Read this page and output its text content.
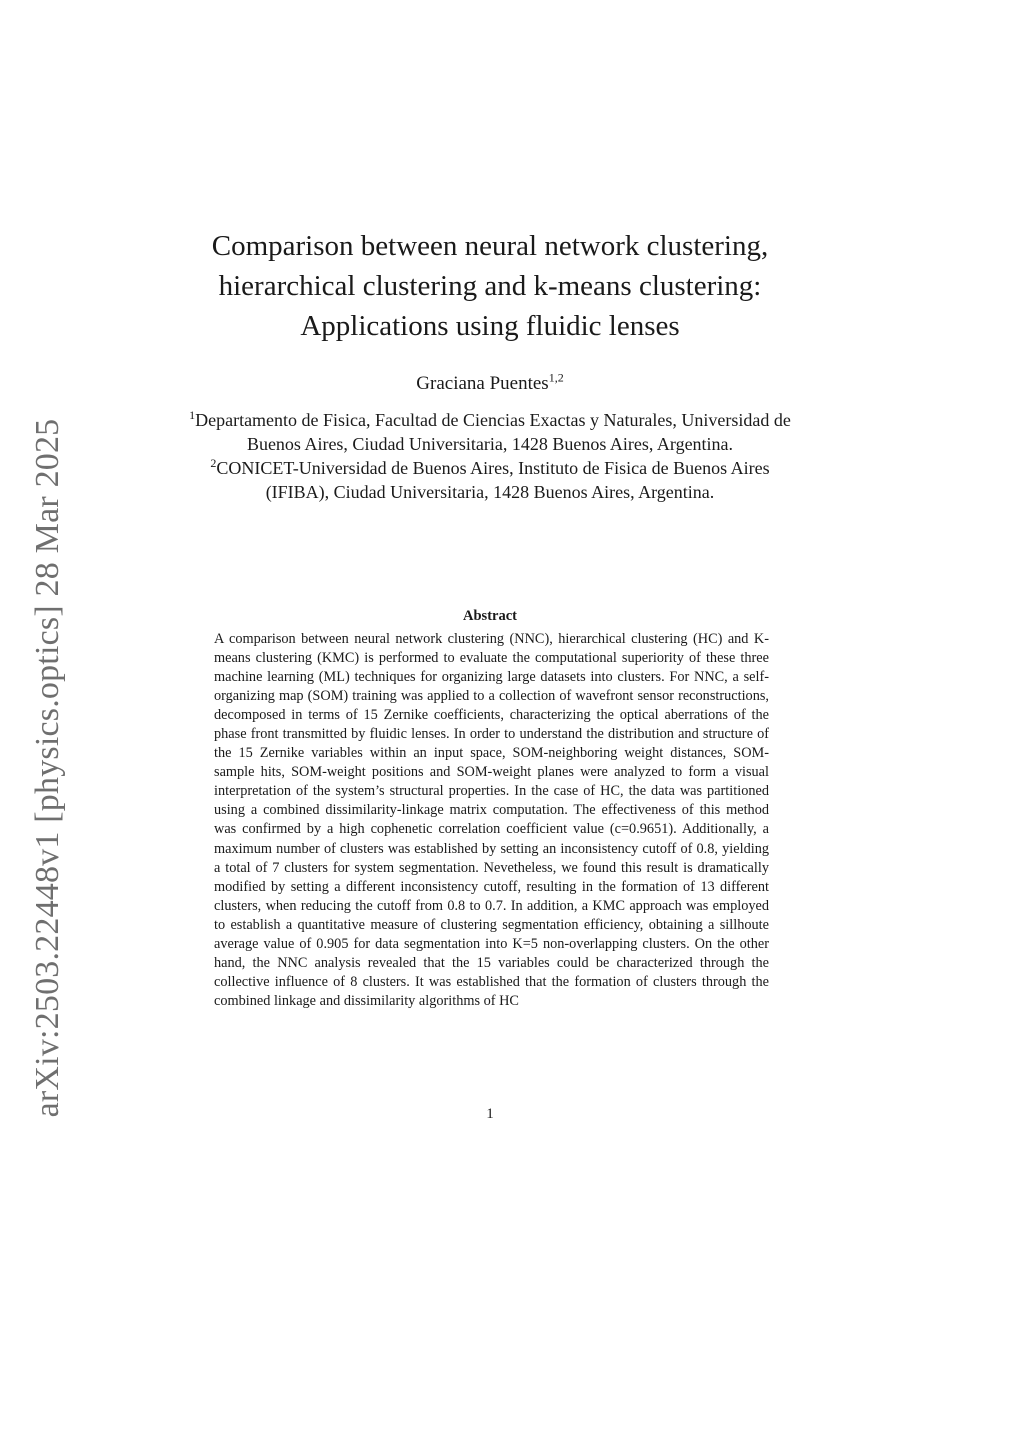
arXiv:2503.22448v1 [physics.optics] 28 Mar 2025
Comparison between neural network clustering,
hierarchical clustering and k-means clustering:
Applications using fluidic lenses
Graciana Puentes$^{1,2}$
$^1$Departamento de Fisica, Facultad de Ciencias Exactas y Naturales, Universidad de Buenos Aires, Ciudad Universitaria, 1428 Buenos Aires, Argentina.
$^2$CONICET-Universidad de Buenos Aires, Instituto de Fisica de Buenos Aires (IFIBA), Ciudad Universitaria, 1428 Buenos Aires, Argentina.
Abstract
A comparison between neural network clustering (NNC), hierarchical clustering (HC) and K-means clustering (KMC) is performed to evaluate the computational superiority of these three machine learning (ML) techniques for organizing large datasets into clusters. For NNC, a self-organizing map (SOM) training was applied to a collection of wavefront sensor reconstructions, decomposed in terms of 15 Zernike coefficients, characterizing the optical aberrations of the phase front transmitted by fluidic lenses. In order to understand the distribution and structure of the 15 Zernike variables within an input space, SOM-neighboring weight distances, SOM-sample hits, SOM-weight positions and SOM-weight planes were analyzed to form a visual interpretation of the system’s structural properties. In the case of HC, the data was partitioned using a combined dissimilarity-linkage matrix computation. The effectiveness of this method was confirmed by a high cophenetic correlation coefficient value (c=0.9651). Additionally, a maximum number of clusters was established by setting an inconsistency cutoff of 0.8, yielding a total of 7 clusters for system segmentation. Nevetheless, we found this result is dramatically modified by setting a different inconsistency cutoff, resulting in the formation of 13 different clusters, when reducing the cutoff from 0.8 to 0.7. In addition, a KMC approach was employed to establish a quantitative measure of clustering segmentation efficiency, obtaining a sillhoute average value of 0.905 for data segmentation into K=5 non-overlapping clusters. On the other hand, the NNC analysis revealed that the 15 variables could be characterized through the collective influence of 8 clusters. It was established that the formation of clusters through the combined linkage and dissimilarity algorithms of HC
1
